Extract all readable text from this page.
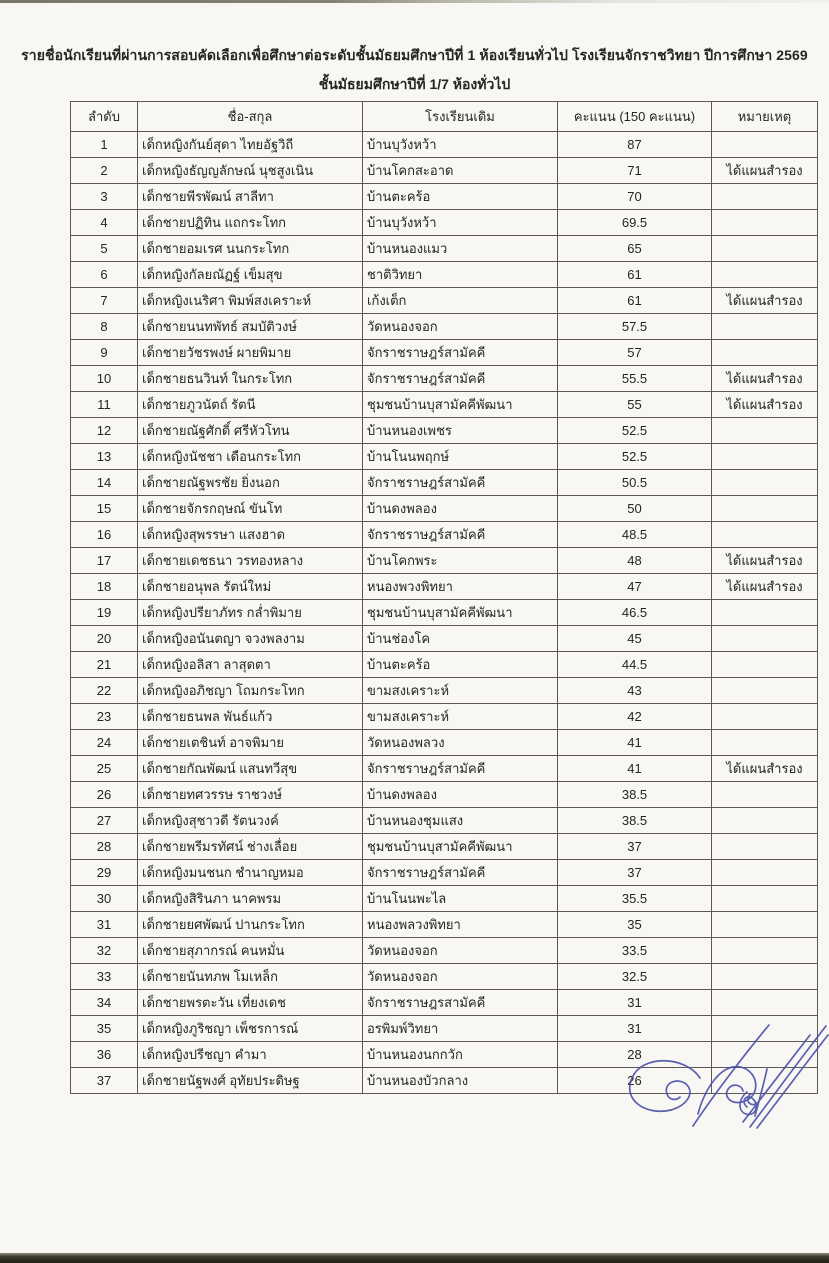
รายชื่อนักเรียนที่ผ่านการสอบคัดเลือกเพื่อศึกษาต่อระดับชั้นมัธยมศึกษาปีที่ 1 ห้องเรียนทั่วไป โรงเรียนจักราชวิทยา ปีการศึกษา 2569
ชั้นมัธยมศึกษาปีที่ 1/7 ห้องทั่วไป
ลำดับ	ชื่อ-สกุล	โรงเรียนเดิม	คะแนน (150 คะแนน)	หมายเหตุ
1	เด็กหญิงกันย์สุดา ไทยอัฐวิถี	บ้านบุวังหว้า	87	
2	เด็กหญิงธัญญลักษณ์ นุชสูงเนิน	บ้านโคกสะอาด	71	ได้แผนสำรอง
3	เด็กชายพีรพัฒน์ สาลีทา	บ้านตะคร้อ	70	
4	เด็กชายปฏิทิน แถกระโทก	บ้านบุวังหว้า	69.5	
5	เด็กชายอมเรศ นนกระโทก	บ้านหนองแมว	65	
6	เด็กหญิงกัลยณัฏฐ์ เข็มสุข	ชาติวิทยา	61	
7	เด็กหญิงเนริศา พิมพ์สงเคราะห์	เก้งเต็ก	61	ได้แผนสำรอง
8	เด็กชายนนทพัทธ์ สมบัติวงษ์	วัดหนองจอก	57.5	
9	เด็กชายวัชรพงษ์ ผายพิมาย	จักราชราษฎร์สามัคคี	57	
10	เด็กชายธนวินท์ ในกระโทก	จักราชราษฎร์สามัคคี	55.5	ได้แผนสำรอง
11	เด็กชายภูวนัตถ์ รัตนี	ชุมชนบ้านบุสามัคคีพัฒนา	55	ได้แผนสำรอง
12	เด็กชายณัฐศักดิ์ ศรีหัวโทน	บ้านหนองเพชร	52.5	
13	เด็กหญิงนัชชา เดือนกระโทก	บ้านโนนพฤกษ์	52.5	
14	เด็กชายณัฐพรชัย ยิ่งนอก	จักราชราษฎร์สามัคคี	50.5	
15	เด็กชายจักรกฤษณ์ ขันโท	บ้านดงพลอง	50	
16	เด็กหญิงสุพรรษา แสงฮาด	จักราชราษฎร์สามัคคี	48.5	
17	เด็กชายเดชธนา วรทองหลาง	บ้านโคกพระ	48	ได้แผนสำรอง
18	เด็กชายอนุพล รัตน์ใหม่	หนองพวงพิทยา	47	ได้แผนสำรอง
19	เด็กหญิงปรียาภัทร กล่ำพิมาย	ชุมชนบ้านบุสามัคคีพัฒนา	46.5	
20	เด็กหญิงอนันตญา จวงพลงาม	บ้านช่องโค	45	
21	เด็กหญิงอลิสา ลาสุดตา	บ้านตะคร้อ	44.5	
22	เด็กหญิงอภิชญา โถมกระโทก	ขามสงเคราะห์	43	
23	เด็กชายธนพล พันธ์แก้ว	ขามสงเคราะห์	42	
24	เด็กชายเตชินท์ อาจพิมาย	วัดหนองพลวง	41	
25	เด็กชายกัณพัฒน์ แสนทวีสุข	จักราชราษฎร์สามัคคี	41	ได้แผนสำรอง
26	เด็กชายทศวรรษ ราชวงษ์	บ้านดงพลอง	38.5	
27	เด็กหญิงสุชาวดี รัตนวงค์	บ้านหนองชุมแสง	38.5	
28	เด็กชายพรีมรทัศน์ ช่างเลื่อย	ชุมชนบ้านบุสามัคคีพัฒนา	37	
29	เด็กหญิงมนชนก ชำนาญหมอ	จักราชราษฎร์สามัคคี	37	
30	เด็กหญิงสิรินภา นาคพรม	บ้านโนนพะไล	35.5	
31	เด็กชายยศพัฒน์ ปานกระโทก	หนองพลวงพิทยา	35	
32	เด็กชายสุภากรณ์ คนหมั่น	วัดหนองจอก	33.5	
33	เด็กชายนันทภพ โมเหล็ก	วัดหนองจอก	32.5	
34	เด็กชายพรตะวัน เที่ยงเดช	จักราชราษฎรสามัคคี	31	
35	เด็กหญิงภูริชญา เพ็ชรการณ์	อรพิมพ์วิทยา	31	
36	เด็กหญิงปรีชญา คำมา	บ้านหนองนกกวัก	28	
37	เด็กชายนัฐพงศ์ อุทัยประดิษฐ	บ้านหนองบัวกลาง	26	
